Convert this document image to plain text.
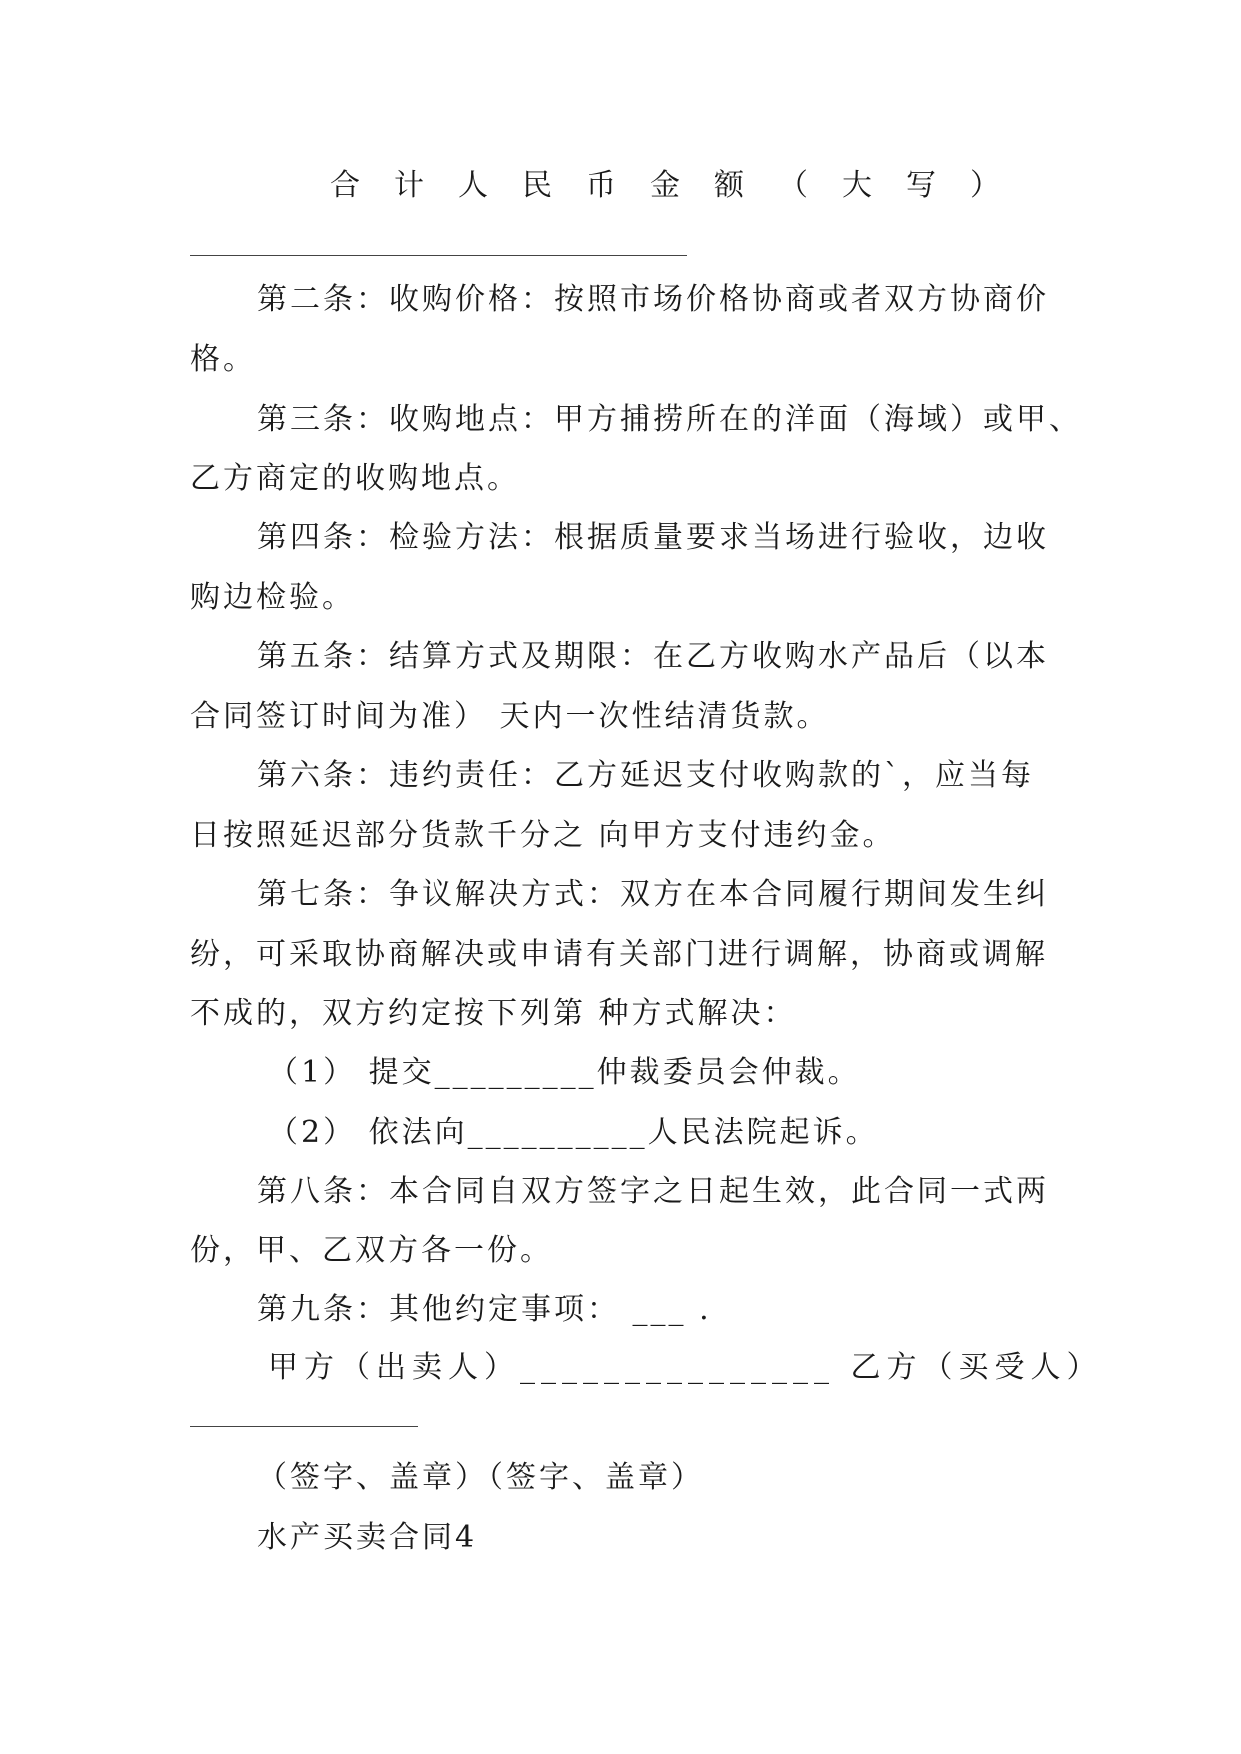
合计人民币金额（大写）
第二条：收购价格：按照市场价格协商或者双方协商价
格。
第三条：收购地点：甲方捕捞所在的洋面（海域）或甲、
乙方商定的收购地点。
第四条：检验方法：根据质量要求当场进行验收，边收
购边检验。
第五条：结算方式及期限：在乙方收购水产品后（以本
合同签订时间为准） 天内一次性结清货款。
第六条：违约责任：乙方延迟支付收购款的`，应当每
日按照延迟部分货款千分之 向甲方支付违约金。
第七条：争议解决方式：双方在本合同履行期间发生纠
纷，可采取协商解决或申请有关部门进行调解，协商或调解
不成的，双方约定按下列第 种方式解决：
（1） 提交_________仲裁委员会仲裁。
（2） 依法向__________人民法院起诉。
第八条：本合同自双方签字之日起生效，此合同一式两
份，甲、乙双方各一份。
第九条：其他约定事项： ___ .
甲方（出卖人）_______________ 乙方（买受人）
（签字、盖章）（签字、盖章）
水产买卖合同4
